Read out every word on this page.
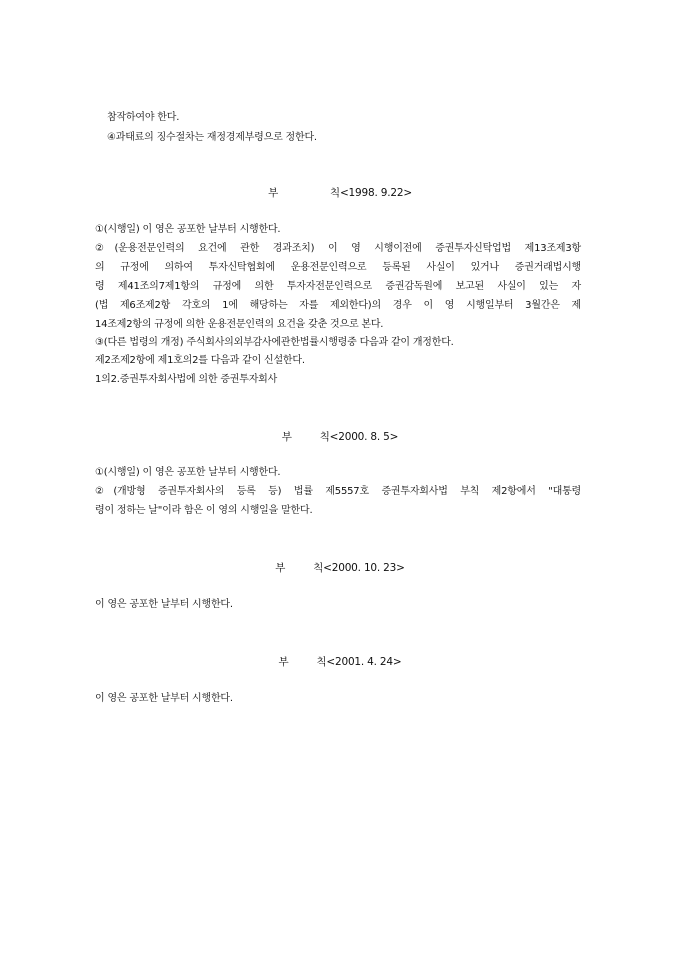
참작하여야 한다.
④과태료의 징수절차는 재정경제부령으로 정한다.
부	칙<1998. 9.22>
①(시행일) 이 영은 공포한 날부터 시행한다.
②(운용전문인력의 요건에 관한 경과조치) 이 영 시행이전에 증권투자신탁업법 제13조제3항
의 규정에 의하여 투자신탁협회에 운용전문인력으로 등록된 사실이 있거나 증권거래법시행
령 제41조의7제1항의 규정에 의한 투자자전문인력으로 증권감독원에 보고된 사실이 있는 자
(법 제6조제2항 각호의 1에 해당하는 자를 제외한다)의 경우 이 영 시행일부터 3월간은 제
14조제2항의 규정에 의한 운용전문인력의 요건을 갖춘 것으로 본다.
③(다른 법령의 개정) 주식회사의외부감사에관한법률시행령중 다음과 같이 개정한다.
제2조제2항에 제1호의2를 다음과 같이 신설한다.
1의2.증권투자회사법에 의한 증권투자회사
부	칙<2000. 8. 5>
①(시행일) 이 영은 공포한 날부터 시행한다.
②(개방형 증권투자회사의 등록 등) 법률 제5557호 증권투자회사법 부칙 제2항에서 "대통령
령이 정하는 날"이라 함은 이 영의 시행일을 말한다.
부	칙<2000. 10. 23>
이 영은 공포한 날부터 시행한다.
부	칙<2001. 4. 24>
이 영은 공포한 날부터 시행한다.
